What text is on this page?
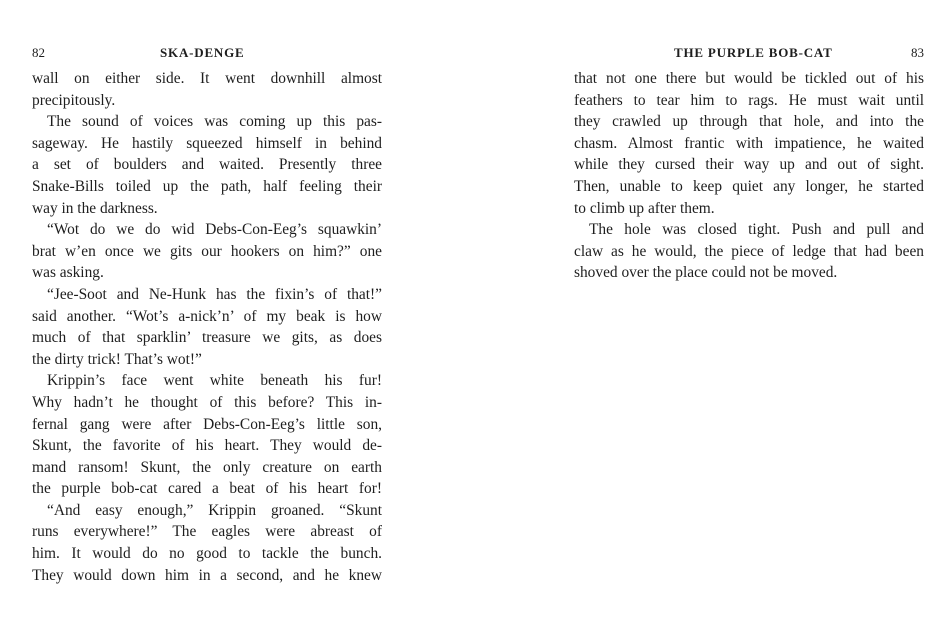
82	SKA-DENGE
wall on either side. It went downhill almost
precipitously.
The sound of voices was coming up this pas-
sageway. He hastily squeezed himself in behind
a set of boulders and waited. Presently three
Snake-Bills toiled up the path, half feeling their
way in the darkness.
“Wot do we do wid Debs-Con-Eeg’s squawkin’
brat w’en once we gits our hookers on him?” one
was asking.
“Jee-Soot and Ne-Hunk has the fixin’s of that!”
said another. “Wot’s a-nick’n’ of my beak is how
much of that sparklin’ treasure we gits, as does
the dirty trick! That’s wot!”
Krippin’s face went white beneath his fur!
Why hadn’t he thought of this before? This in-
fernal gang were after Debs-Con-Eeg’s little son,
Skunt, the favorite of his heart. They would de-
mand ransom! Skunt, the only creature on earth
the purple bob-cat cared a beat of his heart for!
“And easy enough,” Krippin groaned. “Skunt
runs everywhere!” The eagles were abreast of
him. It would do no good to tackle the bunch.
They would down him in a second, and he knew
THE PURPLE BOB-CAT	83
that not one there but would be tickled out of his
feathers to tear him to rags. He must wait until
they crawled up through that hole, and into the
chasm. Almost frantic with impatience, he waited
while they cursed their way up and out of sight.
Then, unable to keep quiet any longer, he started
to climb up after them.
The hole was closed tight. Push and pull and
claw as he would, the piece of ledge that had been
shoved over the place could not be moved.
